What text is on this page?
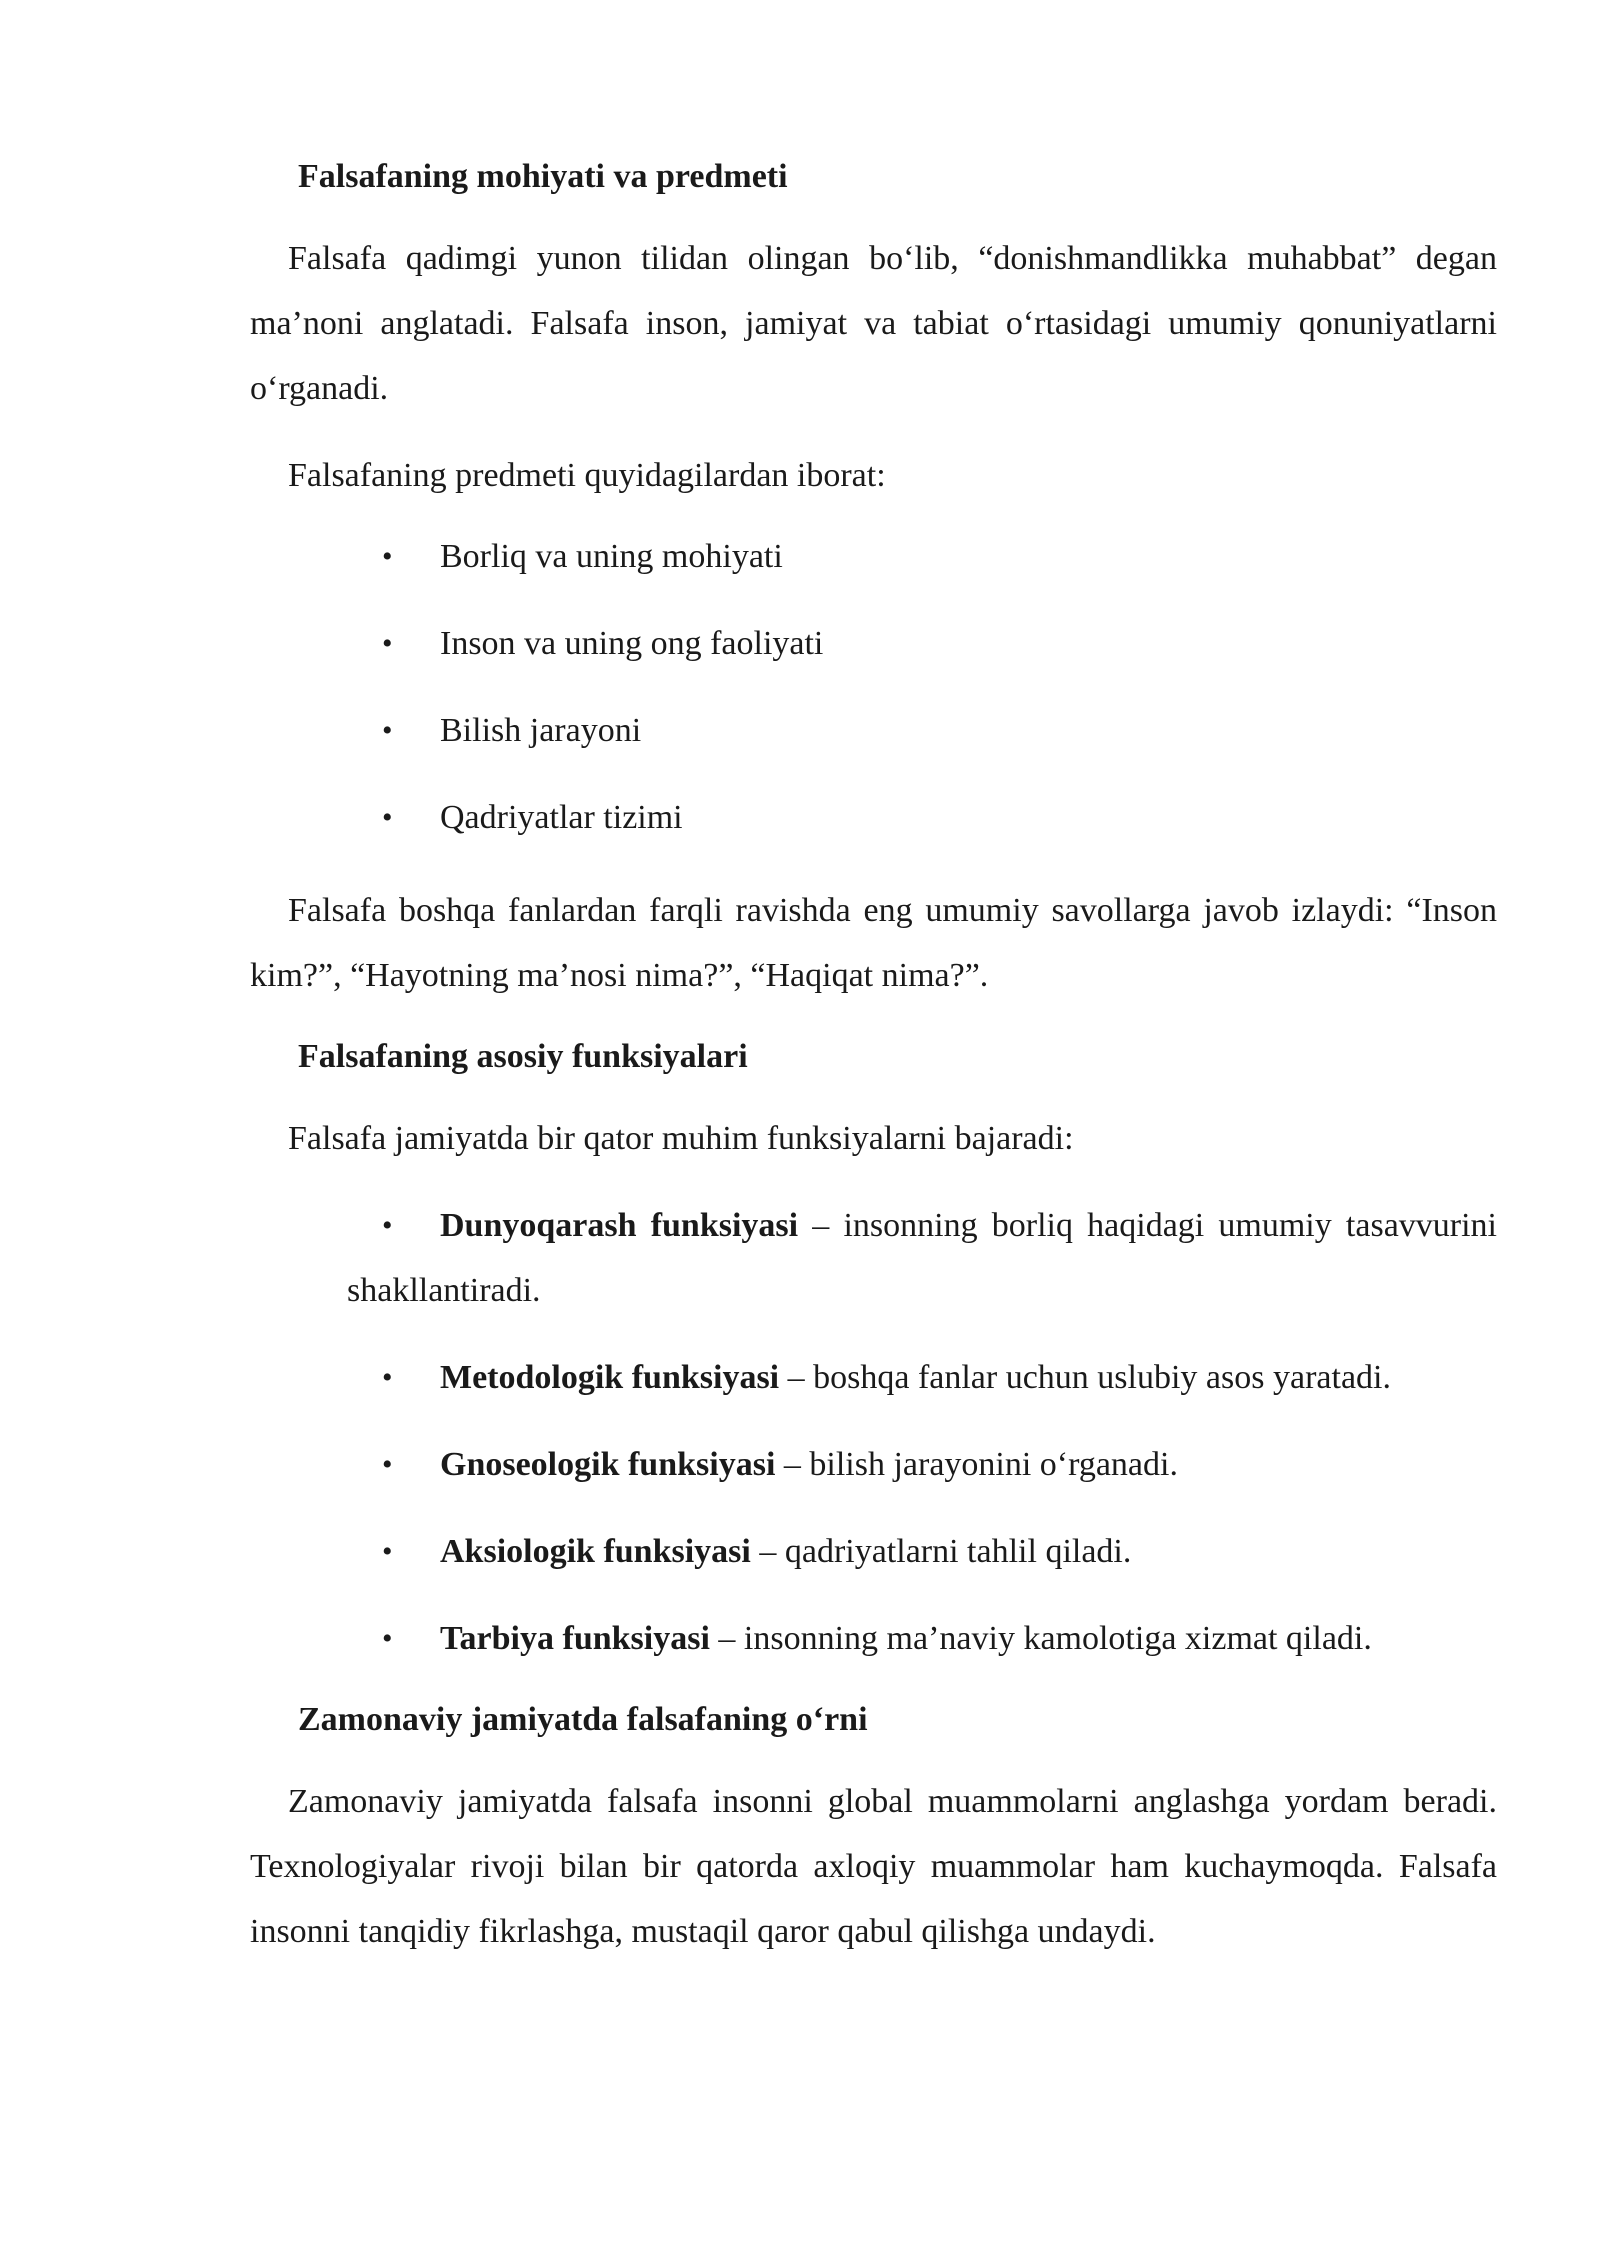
Falsafaning mohiyati va predmeti

Falsafa qadimgi yunon tilidan olingan bo‘lib, “donishmandlikka muhabbat” degan ma’noni anglatadi. Falsafa inson, jamiyat va tabiat o‘rtasidagi umumiy qonuniyatlarni o‘rganadi.

Falsafaning predmeti quyidagilardan iborat:

• Borliq va uning mohiyati
• Inson va uning ong faoliyati
• Bilish jarayoni
• Qadriyatlar tizimi

Falsafa boshqa fanlardan farqli ravishda eng umumiy savollarga javob izlaydi: “Inson kim?”, “Hayotning ma’nosi nima?”, “Haqiqat nima?”.

Falsafaning asosiy funksiyalari

Falsafa jamiyatda bir qator muhim funksiyalarni bajaradi:

• Dunyoqarash funksiyasi – insonning borliq haqidagi umumiy tasavvurini shakllantiradi.
• Metodologik funksiyasi – boshqa fanlar uchun uslubiy asos yaratadi.
• Gnoseologik funksiyasi – bilish jarayonini o‘rganadi.
• Aksiologik funksiyasi – qadriyatlarni tahlil qiladi.
• Tarbiya funksiyasi – insonning ma’naviy kamolotiga xizmat qiladi.
Zamonaviy jamiyatda falsafaning o‘rni

Zamonaviy jamiyatda falsafa insonni global muammolarni anglashga yordam beradi. Texnologiyalar rivoji bilan bir qatorda axloqiy muammolar ham kuchaymoqda. Falsafa insonni tanqidiy fikrlashga, mustaqil qaror qabul qilishga undaydi.
